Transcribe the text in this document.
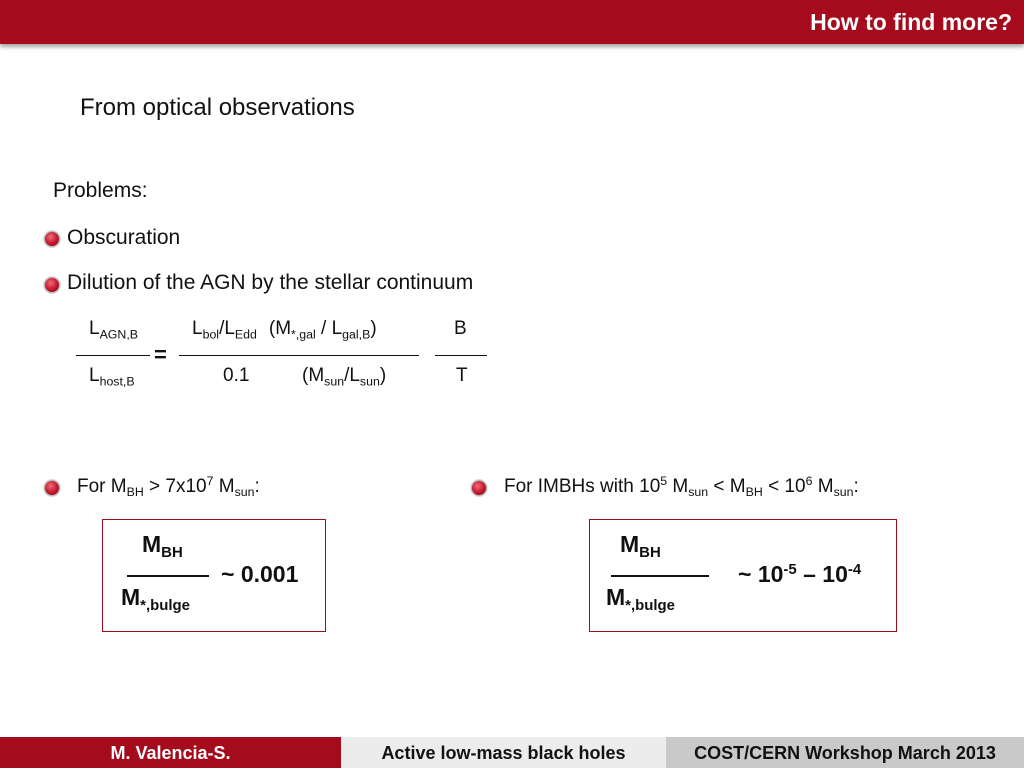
How to find more?
From optical observations
Problems:
Obscuration
Dilution of the AGN by the stellar continuum
$L_{AGN,B}$
$L_{host,B}$
=
$L_{bol}/L_{Edd}$ $(M_{*,gal} / L_{gal,B})$
0.1	$(M_{sun}/L_{sun})$
B
T
For $M_{BH} > 7x10^7$ $M_{sun}$:
$M_{BH}$
$M_{*,bulge}$
~ 0.001
For IMBHs with $10^5$ $M_{sun} < M_{BH} < 10^6$ $M_{sun}$:
$M_{BH}$
$M_{*,bulge}$
~ $10^{-5} - 10^{-4}$
M. Valencia-S.	Active low-mass black holes	COST/CERN Workshop March 2013
